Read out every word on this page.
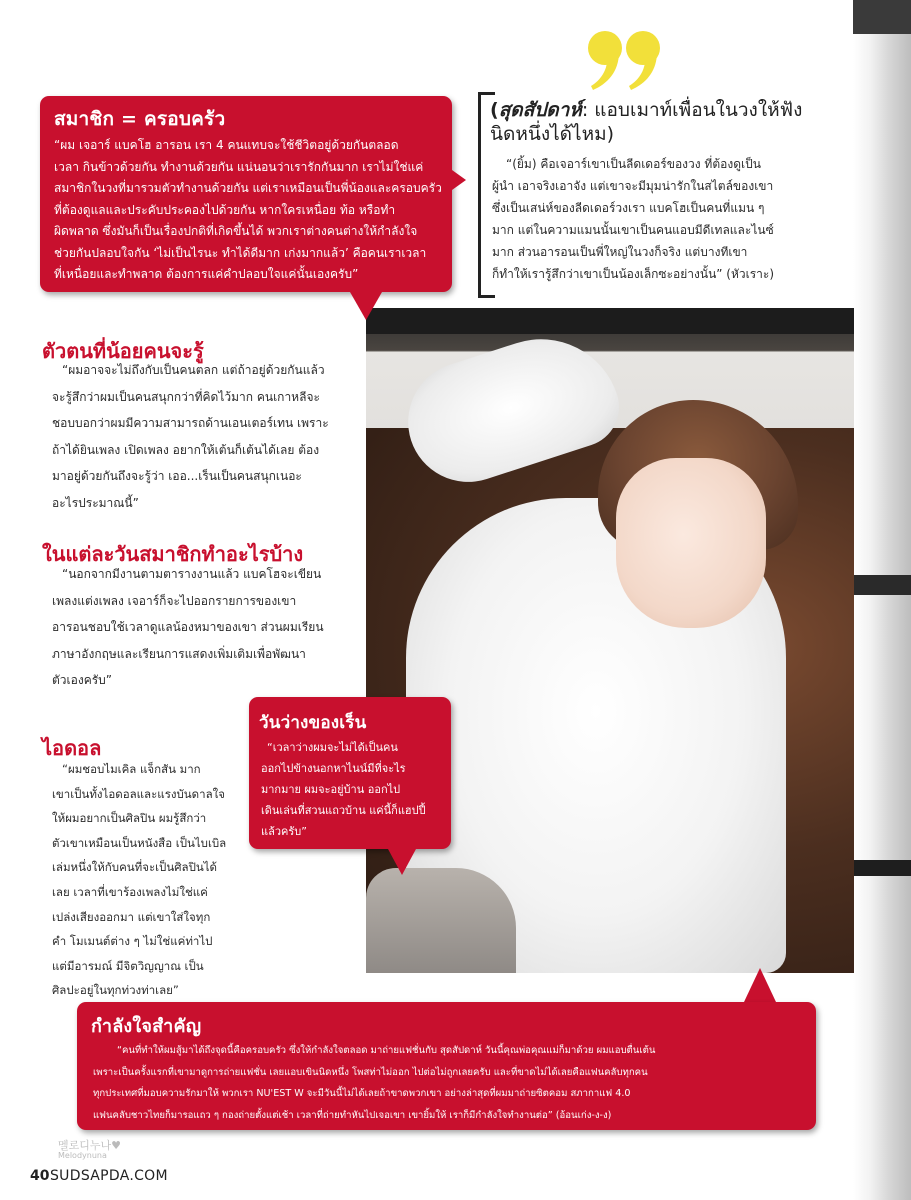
(สุดสัปดาห์: แอบเมาท์เพื่อนในวงให้ฟัง
นิดหนึ่งได้ไหม)
“(ยิ้ม) คือเจอาร์เขาเป็นลีดเดอร์ของวง ที่ต้องดูเป็น
ผู้นำ เอาจริงเอาจัง แต่เขาจะมีมุมน่ารักในสไตล์ของเขา
ซึ่งเป็นเสน่ห์ของลีดเดอร์วงเรา แบคโฮเป็นคนที่แมน ๆ
มาก แต่ในความแมนนั้นเขาเป็นคนแอบมีดีเทลและไนซ์
มาก ส่วนอารอนเป็นพี่ใหญ่ในวงก็จริง แต่บางทีเขา
ก็ทำให้เรารู้สึกว่าเขาเป็นน้องเล็กซะอย่างนั้น” (หัวเราะ)
สมาชิก = ครอบครัว
“ผม เจอาร์ แบคโฮ อารอน เรา 4 คนแทบจะใช้ชีวิตอยู่ด้วยกันตลอด
เวลา กินข้าวด้วยกัน ทำงานด้วยกัน แน่นอนว่าเรารักกันมาก เราไม่ใช่แค่
สมาชิกในวงที่มารวมตัวทำงานด้วยกัน แต่เราเหมือนเป็นพี่น้องและครอบครัว
ที่ต้องดูแลและประคับประคองไปด้วยกัน หากใครเหนื่อย ท้อ หรือทำ
ผิดพลาด ซึ่งมันก็เป็นเรื่องปกติที่เกิดขึ้นได้ พวกเราต่างคนต่างให้กำลังใจ
ช่วยกันปลอบใจกัน ‘ไม่เป็นไรนะ ทำได้ดีมาก เก่งมากแล้ว’ คือคนเราเวลา
ที่เหนื่อยและทำพลาด ต้องการแค่คำปลอบใจแค่นั้นเองครับ”
ตัวตนที่น้อยคนจะรู้
“ผมอาจจะไม่ถึงกับเป็นคนตลก แต่ถ้าอยู่ด้วยกันแล้ว
จะรู้สึกว่าผมเป็นคนสนุกกว่าที่คิดไว้มาก คนเกาหลีจะ
ชอบบอกว่าผมมีความสามารถด้านเอนเตอร์เทน เพราะ
ถ้าได้ยินเพลง เปิดเพลง อยากให้เต้นก็เต้นได้เลย ต้อง
มาอยู่ด้วยกันถึงจะรู้ว่า เออ...เร็นเป็นคนสนุกเนอะ
อะไรประมาณนี้”
ในแต่ละวันสมาชิกทำอะไรบ้าง
“นอกจากมีงานตามตารางงานแล้ว แบคโฮจะเขียน
เพลงแต่งเพลง เจอาร์ก็จะไปออกรายการของเขา
อารอนชอบใช้เวลาดูแลน้องหมาของเขา ส่วนผมเรียน
ภาษาอังกฤษและเรียนการแสดงเพิ่มเติมเพื่อพัฒนา
ตัวเองครับ”
ไอดอล
“ผมชอบไมเคิล แจ็กสัน มาก
เขาเป็นทั้งไอดอลและแรงบันดาลใจ
ให้ผมอยากเป็นศิลปิน ผมรู้สึกว่า
ตัวเขาเหมือนเป็นหนังสือ เป็นไบเบิล
เล่มหนึ่งให้กับคนที่จะเป็นศิลปินได้
เลย เวลาที่เขาร้องเพลงไม่ใช่แค่
เปล่งเสียงออกมา แต่เขาใส่ใจทุก
คำ โมเมนต์ต่าง ๆ ไม่ใช่แค่ท่าไป
แต่มีอารมณ์ มีจิตวิญญาณ เป็น
ศิลปะอยู่ในทุกท่วงท่าเลย”
วันว่างของเร็น
“เวลาว่างผมจะไม่ได้เป็นคน
ออกไปข้างนอกหาไนน์มีที่จะไร
มากมาย ผมจะอยู่บ้าน ออกไป
เดินเล่นที่สวนแถวบ้าน แค่นี้ก็แฮปปี้
แล้วครับ”
กำลังใจสำคัญ
“คนที่ทำให้ผมสู้มาได้ถึงจุดนี้คือครอบครัว ซึ่งให้กำลังใจตลอด มาถ่ายแฟชั่นกับ สุดสัปดาห์ วันนี้คุณพ่อคุณแม่ก็มาด้วย ผมแอบตื่นเต้น
เพราะเป็นครั้งแรกที่เขามาดูการถ่ายแฟชั่น เลยแอบเขินนิดหนึ่ง โพสท่าไม่ออก ไปต่อไม่ถูกเลยครับ และที่ขาดไม่ได้เลยคือแฟนคลับทุกคน
ทุกประเทศที่มอบความรักมาให้ พวกเรา NU'EST W จะมีวันนี้ไม่ได้เลยถ้าขาดพวกเขา อย่างล่าสุดที่ผมมาถ่ายซิตคอม สภากาแฟ 4.0
แฟนคลับชาวไทยก็มารอแถว ๆ กองถ่ายตั้งแต่เช้า เวลาที่ถ่ายทำหันไปเจอเขา เขายิ้มให้ เราก็มีกำลังใจทำงานต่อ” (อ้อนเก่ง-ง-ง)
멜로디누나♥
Melodynuna
40 SUDSAPDA.COM
